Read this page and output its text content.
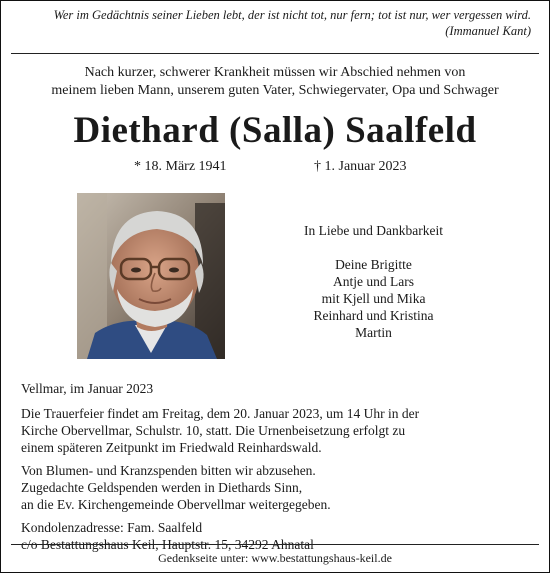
Wer im Gedächtnis seiner Lieben lebt, der ist nicht tot, nur fern; tot ist nur, wer vergessen wird.
(Immanuel Kant)
Nach kurzer, schwerer Krankheit müssen wir Abschied nehmen von
meinem lieben Mann, unserem guten Vater, Schwiegervater, Opa und Schwager
Diethard (Salla) Saalfeld
* 18. März 1941	† 1. Januar 2023
In Liebe und Dankbarkeit
Deine Brigitte
Antje und Lars
mit Kjell und Mika
Reinhard und Kristina
Martin
Vellmar, im Januar 2023
Die Trauerfeier findet am Freitag, dem 20. Januar 2023, um 14 Uhr in der
Kirche Obervellmar, Schulstr. 10, statt. Die Urnenbeisetzung erfolgt zu
einem späteren Zeitpunkt im Friedwald Reinhardswald.
Von Blumen- und Kranzspenden bitten wir abzusehen.
Zugedachte Geldspenden werden in Diethards Sinn,
an die Ev. Kirchengemeinde Obervellmar weitergegeben.
Kondolenzadresse: Fam. Saalfeld
c/o Bestattungshaus Keil, Hauptstr. 15, 34292 Ahnatal
Gedenkseite unter: www.bestattungshaus-keil.de
